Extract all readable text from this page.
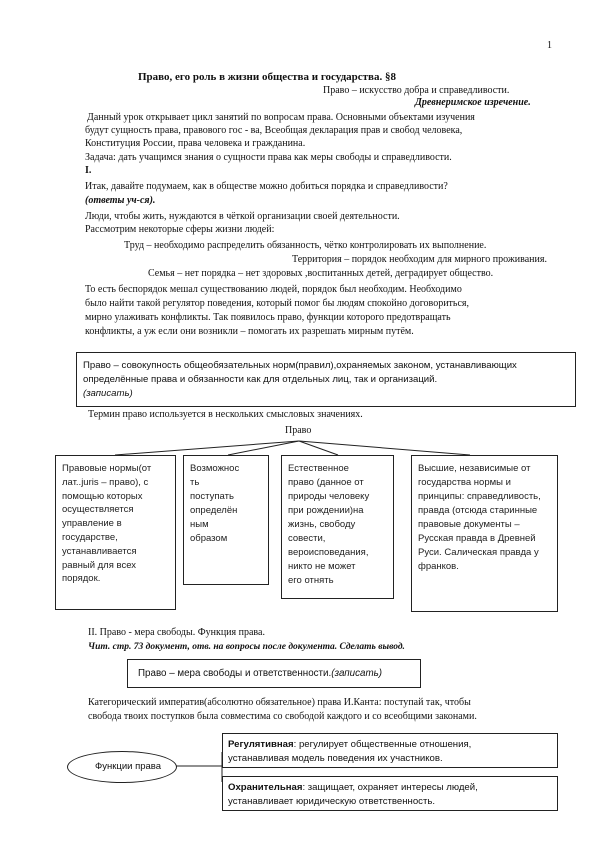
1
Право, его роль в жизни общества и государства. §8
Право – искусство добра и справедливости.
Древнеримское изречение.
Данный урок открывает цикл занятий по вопросам права. Основными объектами изучения
будут сущность права, правового гос - ва, Всеобщая декларация прав и свобод человека,
Конституция России, права человека и гражданина.
Задача: дать учащимся знания о сущности права как меры свободы и справедливости.
I.
Итак, давайте подумаем, как в обществе можно добиться порядка и справедливости?
(ответы уч-ся).
Люди, чтобы жить, нуждаются в чёткой организации своей деятельности.
Рассмотрим некоторые сферы жизни людей:
Труд – необходимо распределить обязанность, чётко контролировать их выполнение.
Территория – порядок необходим для мирного проживания.
Семья – нет порядка – нет здоровых ,воспитанных детей, деградирует общество.
То есть беспорядок мешал существованию людей, порядок был необходим. Необходимо
было найти такой регулятор поведения, который помог бы людям спокойно договориться,
мирно улаживать конфликты. Так появилось право, функции которого предотвращать
конфликты, а уж если они возникли – помогать их разрешать мирным путём.
Право – совокупность общеобязательных норм(правил),охраняемых законом, устанавливающих
определённые права и обязанности как для отдельных лиц, так и организаций.
(записать)
Термин право используется в нескольких смысловых значениях.
Право
Правовые нормы(от
лат..juris – право), с
помощью которых
осуществляется
управление в
государстве,
устанавливается
равный для всех
порядок.
Возможнос
ть
поступать
определён
ным
образом
Естественное
право (данное от
природы человеку
при рождении)на
жизнь, свободу
совести,
вероисповедания,
никто не может
его отнять
Высшие, независимые от
государства нормы и
принципы: справедливость,
правда (отсюда старинные
правовые документы –
Русская правда в Древней
Руси. Салическая правда у
франков.
II. Право - мера свободы. Функция права.
Чит. стр. 73 документ, отв. на вопросы после документа. Сделать вывод.
Право – мера свободы и ответственности.(записать)
Категорический императив(абсолютно обязательное) права И.Канта: поступай так, чтобы
свобода твоих поступков была совместима со свободой каждого и со всеобщими законами.
Функции права
Регулятивная: регулирует общественные отношения,
устанавливая модель поведения их участников.
Охранительная: защищает, охраняет интересы людей,
устанавливает юридическую ответственность.
